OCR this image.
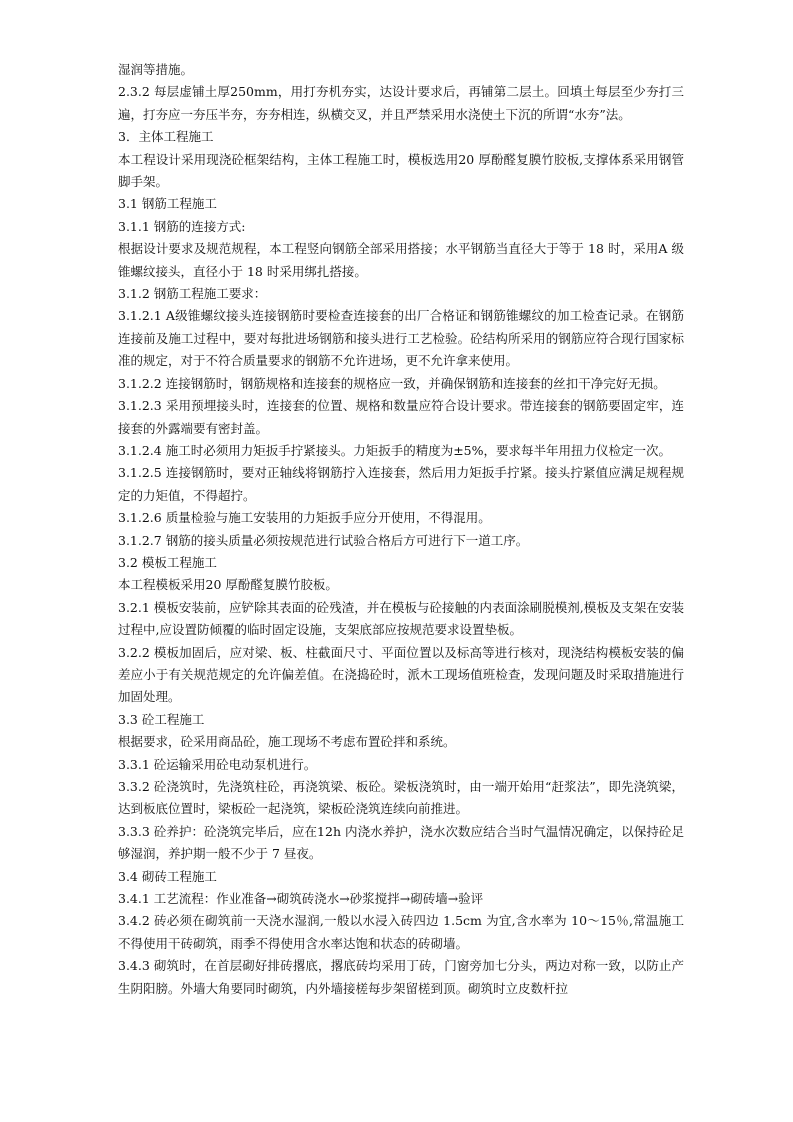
湿润等措施。

2.3.2 每层虚铺土厚250mm，用打夯机夯实，达设计要求后，再铺第二层土。回填土每层至少夯打三遍，打夯应一夯压半夯，夯夯相连，纵横交叉，并且严禁采用水浇使土下沉的所谓“水夯”法。

3．主体工程施工

本工程设计采用现浇砼框架结构，主体工程施工时，模板选用20 厚酚醛复膜竹胶板,支撑体系采用钢管脚手架。

3.1 钢筋工程施工

3.1.1 钢筋的连接方式:

根据设计要求及规范规程，本工程竖向钢筋全部采用搭接；水平钢筋当直径大于等于 18 时，采用A 级锥螺纹接头，直径小于 18 时采用绑扎搭接。

3.1.2 钢筋工程施工要求：

3.1.2.1 A级锥螺纹接头连接钢筋时要检查连接套的出厂合格证和钢筋锥螺纹的加工检查记录。在钢筋连接前及施工过程中，要对每批进场钢筋和接头进行工艺检验。砼结构所采用的钢筋应符合现行国家标准的规定，对于不符合质量要求的钢筋不允许进场，更不允许拿来使用。

3.1.2.2 连接钢筋时，钢筋规格和连接套的规格应一致，并确保钢筋和连接套的丝扣干净完好无损。

3.1.2.3 采用预埋接头时，连接套的位置、规格和数量应符合设计要求。带连接套的钢筋要固定牢，连接套的外露端要有密封盖。

3.1.2.4 施工时必须用力矩扳手拧紧接头。力矩扳手的精度为±5%，要求每半年用扭力仪检定一次。

3.1.2.5 连接钢筋时，要对正轴线将钢筋拧入连接套，然后用力矩扳手拧紧。接头拧紧值应满足规程规定的力矩值，不得超拧。

3.1.2.6 质量检验与施工安装用的力矩扳手应分开使用，不得混用。

3.1.2.7 钢筋的接头质量必须按规范进行试验合格后方可进行下一道工序。

3.2 模板工程施工

本工程模板采用20 厚酚醛复膜竹胶板。

3.2.1 模板安装前，应铲除其表面的砼残渣，并在模板与砼接触的内表面涂刷脱模剂,模板及支架在安装过程中,应设置防倾覆的临时固定设施，支架底部应按规范要求设置垫板。

3.2.2 模板加固后，应对梁、板、柱截面尺寸、平面位置以及标高等进行核对，现浇结构模板安装的偏差应小于有关规范规定的允许偏差值。在浇捣砼时，派木工现场值班检查，发现问题及时采取措施进行加固处理。

3.3 砼工程施工

根据要求，砼采用商品砼，施工现场不考虑布置砼拌和系统。

3.3.1 砼运输采用砼电动泵机进行。

3.3.2 砼浇筑时，先浇筑柱砼，再浇筑梁、板砼。梁板浇筑时，由一端开始用“赶浆法”，即先浇筑梁，达到板底位置时，梁板砼一起浇筑，梁板砼浇筑连续向前推进。

3.3.3 砼养护：砼浇筑完毕后，应在12h 内浇水养护，浇水次数应结合当时气温情况确定，以保持砼足够湿润，养护期一般不少于 7 昼夜。

3.4 砌砖工程施工

3.4.1 工艺流程：作业准备→砌筑砖浇水→砂浆搅拌→砌砖墙→验评

3.4.2 砖必须在砌筑前一天浇水湿润,一般以水浸入砖四边 1.5cm 为宜,含水率为 10～15％,常温施工不得使用干砖砌筑，雨季不得使用含水率达饱和状态的砖砌墙。

3.4.3 砌筑时，在首层砌好排砖撂底，撂底砖均采用丁砖，门窗旁加七分头，两边对称一致，以防止产生阴阳膀。外墙大角要同时砌筑，内外墙接槎每步架留槎到顶。砌筑时立皮数杆拉
